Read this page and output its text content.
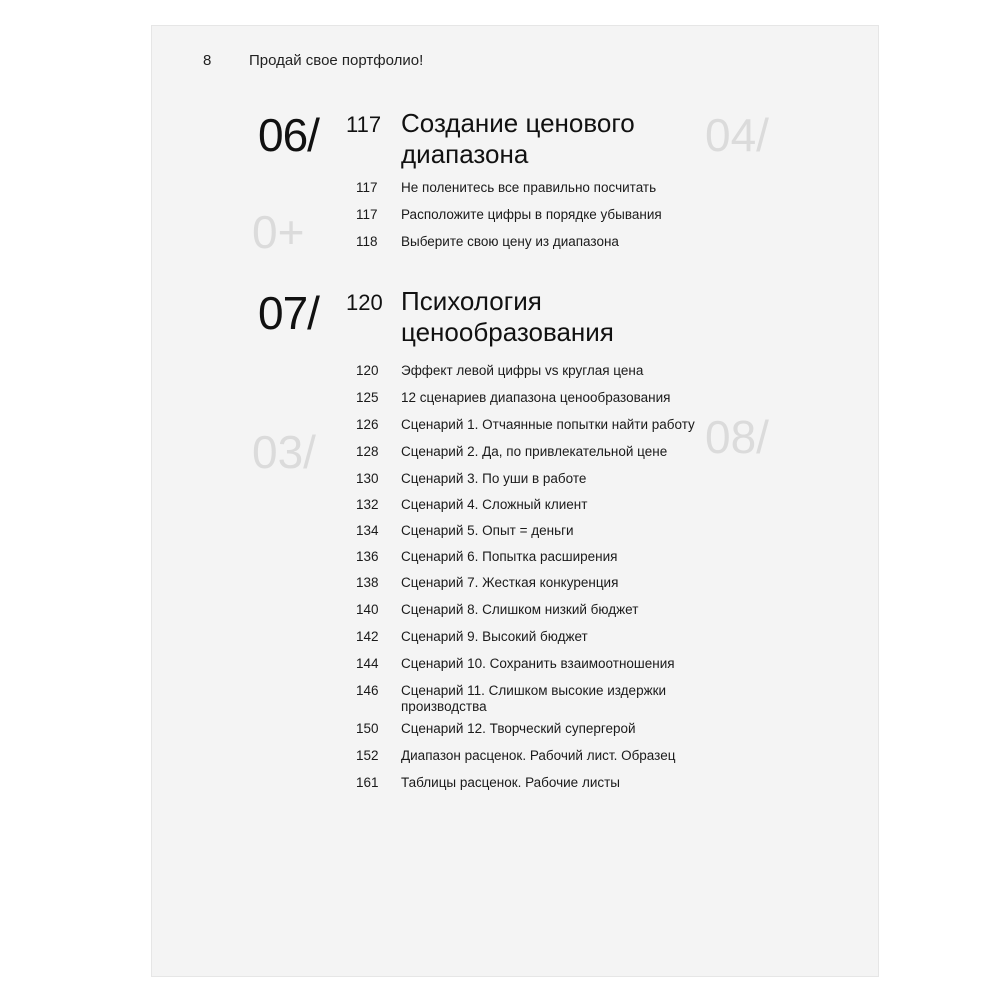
04/
0+
03/	08/
8	Продай свое портфолио!
06/ 117 Создание ценового диапазона
117 Не поленитесь все правильно посчитать
117 Расположите цифры в порядке убывания
118 Выберите свою цену из диапазона
07/ 120 Психология ценообразования
120 Эффект левой цифры vs круглая цена
125 12 сценариев диапазона ценообразования
126 Сценарий 1. Отчаянные попытки найти работу
128 Сценарий 2. Да, по привлекательной цене
130 Сценарий 3. По уши в работе
132 Сценарий 4. Сложный клиент
134 Сценарий 5. Опыт = деньги
136 Сценарий 6. Попытка расширения
138 Сценарий 7. Жесткая конкуренция
140 Сценарий 8. Слишком низкий бюджет
142 Сценарий 9. Высокий бюджет
144 Сценарий 10. Сохранить взаимоотношения
146 Сценарий 11. Слишком высокие издержки производства
150 Сценарий 12. Творческий супергерой
152 Диапазон расценок. Рабочий лист. Образец
161 Таблицы расценок. Рабочие листы
